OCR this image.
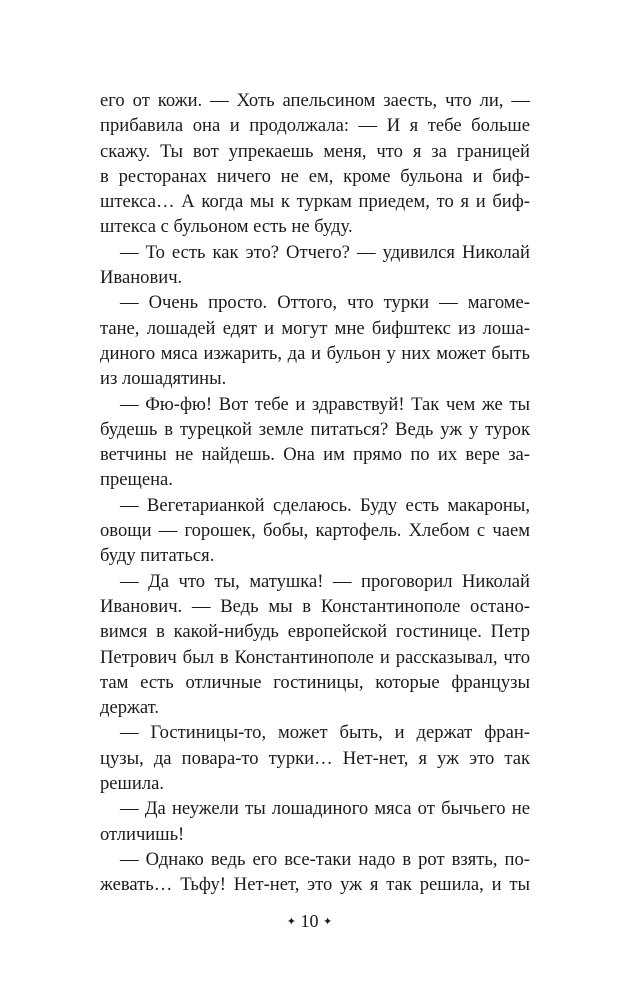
его от кожи. — Хоть апельсином заесть, что ли, —
прибавила она и продолжала: — И я тебе больше
скажу. Ты вот упрекаешь меня, что я за границей
в ресторанах ничего не ем, кроме бульона и биф-
штекса… А когда мы к туркам приедем, то я и биф-
штекса с бульоном есть не буду.
— То есть как это? Отчего? — удивился Николай
Иванович.
— Очень просто. Оттого, что турки — магоме-
тане, лошадей едят и могут мне бифштекс из лоша-
диного мяса изжарить, да и бульон у них может быть
из лошадятины.
— Фю-фю! Вот тебе и здравствуй! Так чем же ты
будешь в турецкой земле питаться? Ведь уж у турок
ветчины не найдешь. Она им прямо по их вере за-
прещена.
— Вегетарианкой сделаюсь. Буду есть макароны,
овощи — горошек, бобы, картофель. Хлебом с чаем
буду питаться.
— Да что ты, матушка! — проговорил Николай
Иванович. — Ведь мы в Константинополе остано-
вимся в какой-нибудь европейской гостинице. Петр
Петрович был в Константинополе и рассказывал, что
там есть отличные гостиницы, которые французы
держат.
— Гостиницы-то, может быть, и держат фран-
цузы, да повара-то турки… Нет-нет, я уж это так
решила.
— Да неужели ты лошадиного мяса от бычьего не
отличишь!
— Однако ведь его все-таки надо в рот взять, по-
жевать… Тьфу! Нет-нет, это уж я так решила, и ты
✦ 10 ✦
